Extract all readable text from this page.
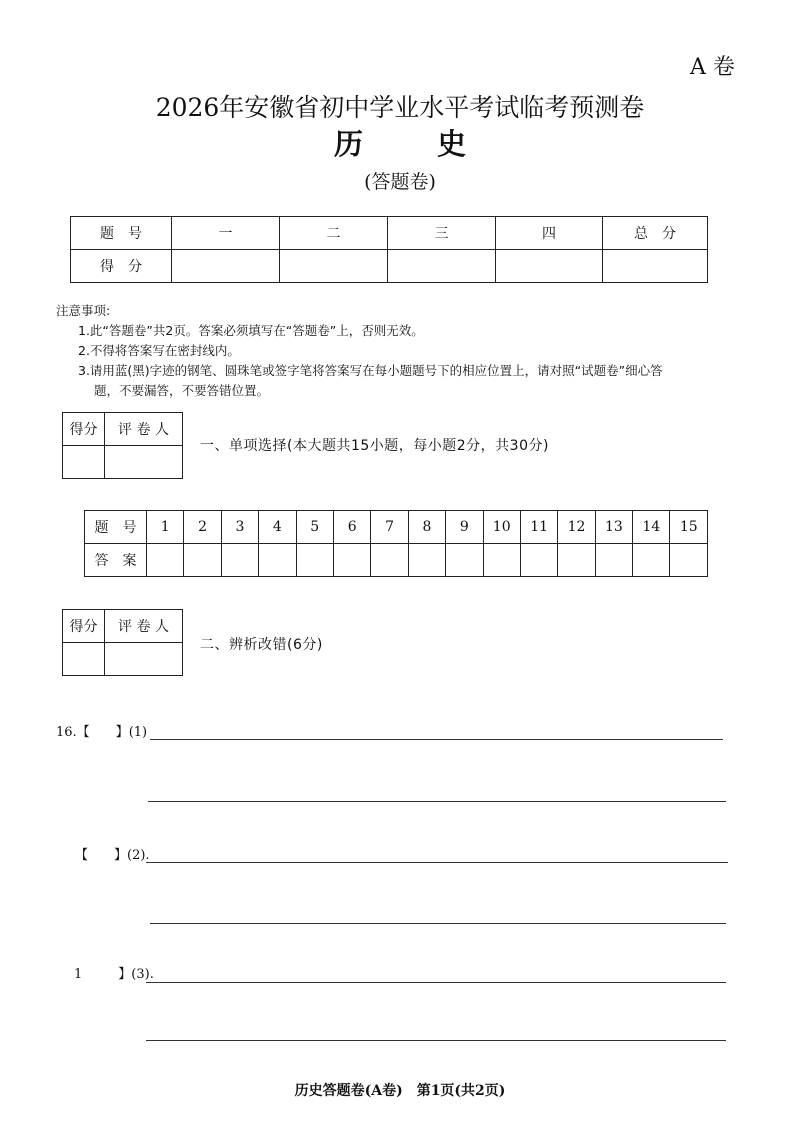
A 卷
2026年安徽省初中学业水平考试临考预测卷
历 史
(答题卷)
题　号	一	二	三	四	总　分
得　分					
注意事项:
1.此“答题卷”共2页。答案必须填写在“答题卷”上，否则无效。
2.不得将答案写在密封线内。
3.请用蓝(黑)字迹的钢笔、圆珠笔或签字笔将答案写在每小题题号下的相应位置上，请对照“试题卷”细心答
题，不要漏答，不要答错位置。
得分	评 卷 人

一、单项选择(本大题共15小题，每小题2分，共30分)
题　号	1	2	3	4	5	6	7	8	9	10	11	12	13	14	15
答　案															
得分	评 卷 人

二、辨析改错(6分)
16.【　　】(1)
【　　】(2).
1	】(3).
历史答题卷(A卷)　第1页(共2页)
